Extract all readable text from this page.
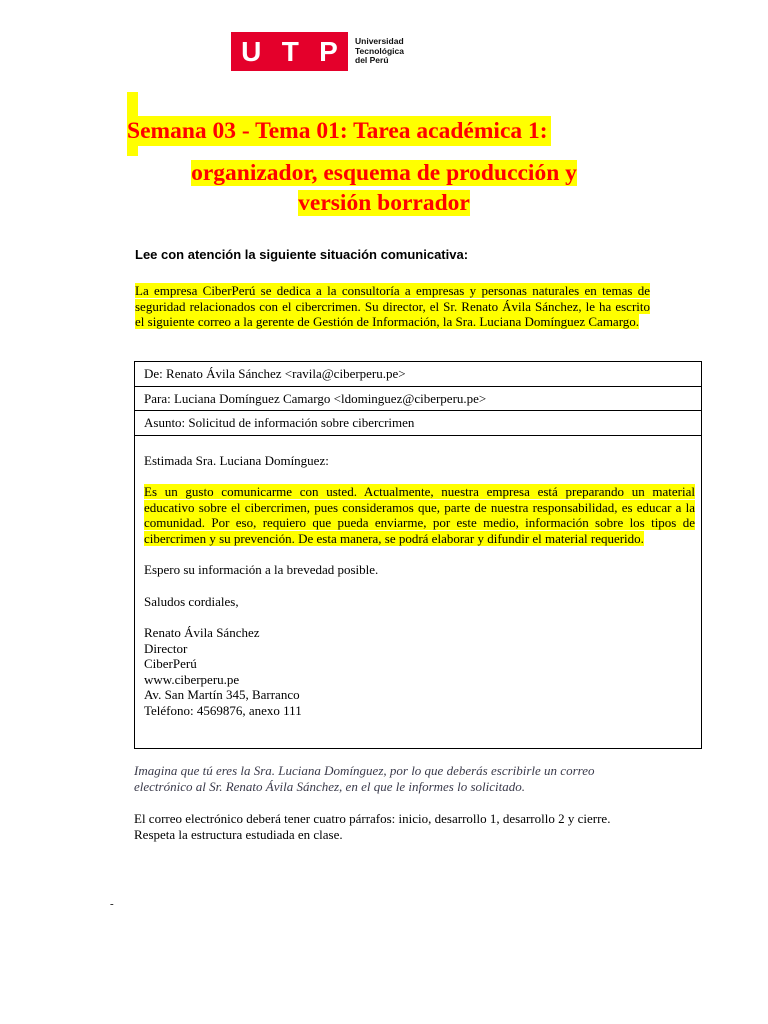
U T P Universidad
Tecnológica
del Perú
Semana 03 - Tema 01: Tarea académica 1:
organizador, esquema de producción y
versión borrador
Lee con atención la siguiente situación comunicativa:
La empresa CiberPerú se dedica a la consultoría a empresas y personas naturales en temas de seguridad relacionados con el cibercrimen. Su director, el Sr. Renato Ávila Sánchez, le ha escrito el siguiente correo a la gerente de Gestión de Información, la Sra. Luciana Domínguez Camargo.
De: Renato Ávila Sánchez <ravila@ciberperu.pe>
Para: Luciana Domínguez Camargo <ldominguez@ciberperu.pe>
Asunto: Solicitud de información sobre cibercrimen

Estimada Sra. Luciana Domínguez:

Es un gusto comunicarme con usted. Actualmente, nuestra empresa está preparando un material educativo sobre el cibercrimen, pues consideramos que, parte de nuestra responsabilidad, es educar a la comunidad. Por eso, requiero que pueda enviarme, por este medio, información sobre los tipos de cibercrimen y su prevención. De esta manera, se podrá elaborar y difundir el material requerido.

Espero su información a la brevedad posible.

Saludos cordiales,

Renato Ávila Sánchez
Director
CiberPerú
www.ciberperu.pe
Av. San Martín 345, Barranco
Teléfono: 4569876, anexo 111
Imagina que tú eres la Sra. Luciana Domínguez, por lo que deberás escribirle un correo electrónico al Sr. Renato Ávila Sánchez, en el que le informes lo solicitado.
El correo electrónico deberá tener cuatro párrafos: inicio, desarrollo 1, desarrollo 2 y cierre. Respeta la estructura estudiada en clase.
-
